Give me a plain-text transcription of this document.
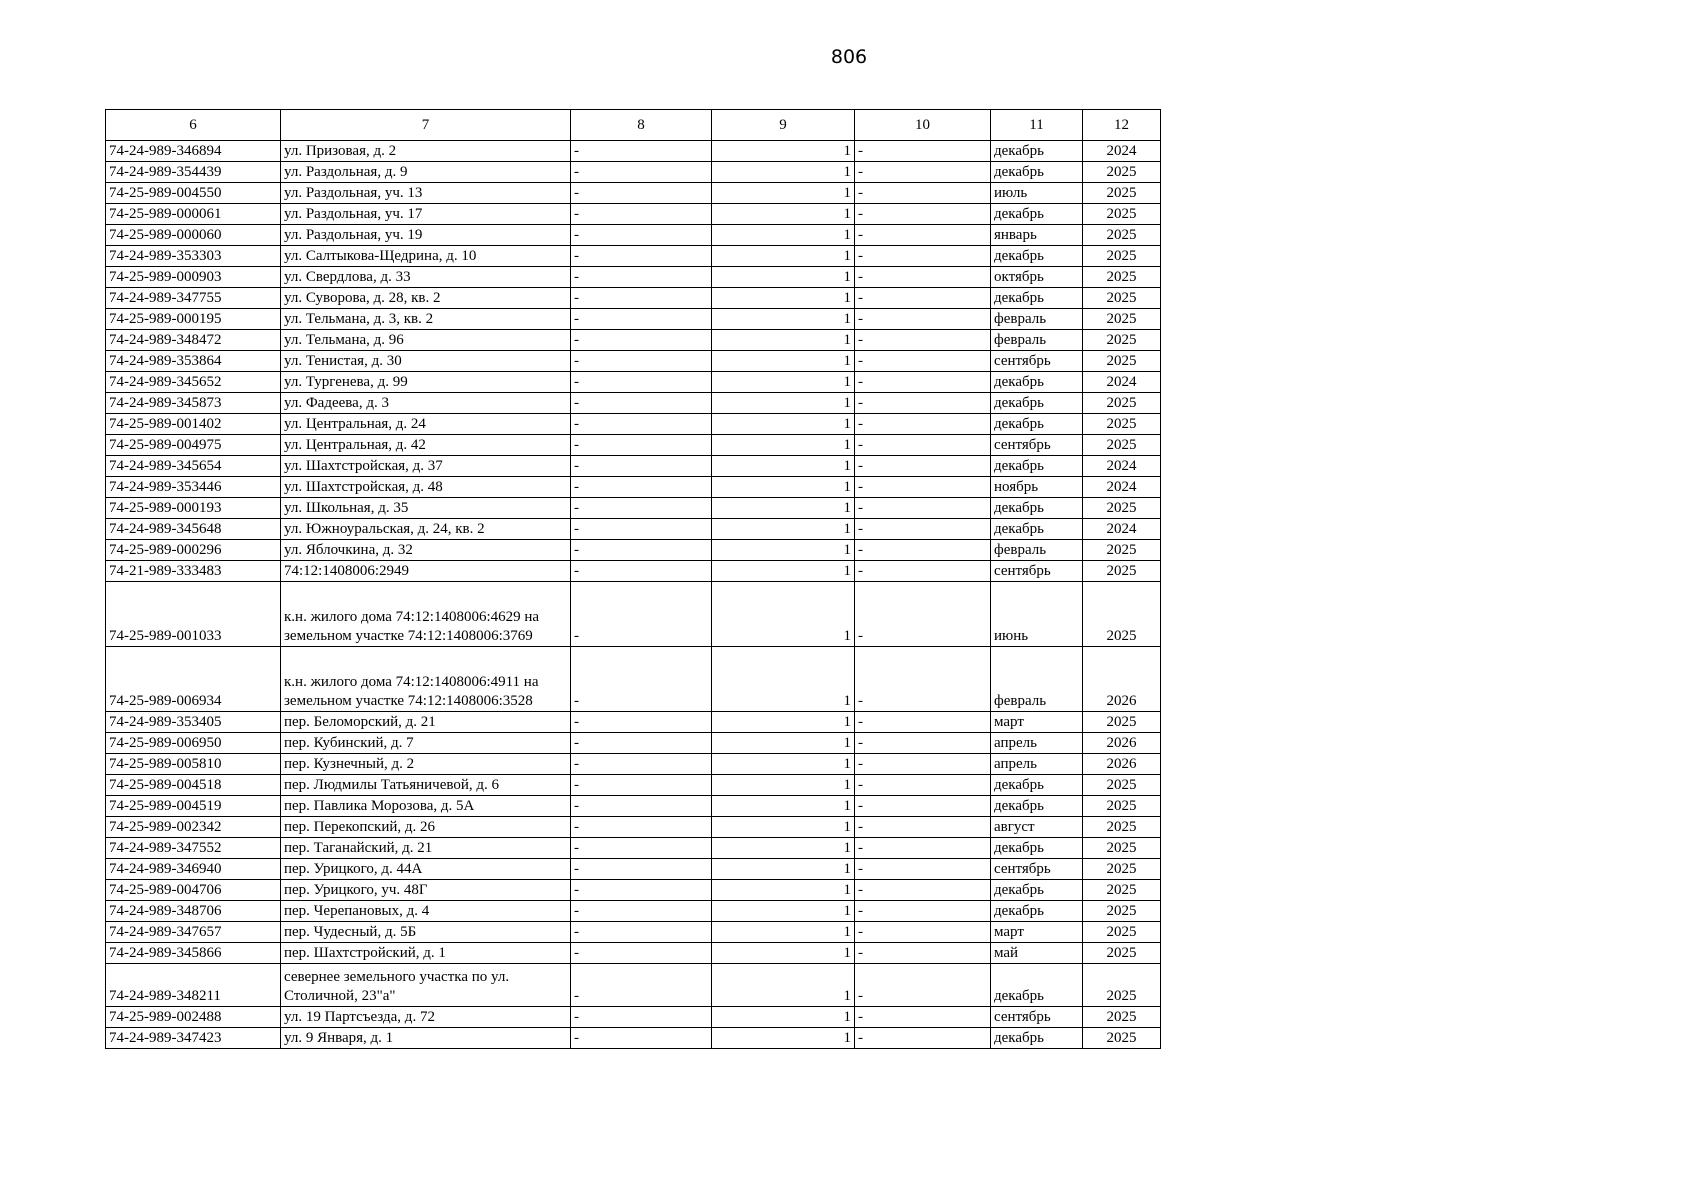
806
6	7	8	9	10	11	12
74-24-989-346894	ул. Призовая, д. 2	-	1	-	декабрь	2024
74-24-989-354439	ул. Раздольная, д. 9	-	1	-	декабрь	2025
74-25-989-004550	ул. Раздольная, уч. 13	-	1	-	июль	2025
74-25-989-000061	ул. Раздольная, уч. 17	-	1	-	декабрь	2025
74-25-989-000060	ул. Раздольная, уч. 19	-	1	-	январь	2025
74-24-989-353303	ул. Салтыкова-Щедрина, д. 10	-	1	-	декабрь	2025
74-25-989-000903	ул. Свердлова, д. 33	-	1	-	октябрь	2025
74-24-989-347755	ул. Суворова, д. 28, кв. 2	-	1	-	декабрь	2025
74-25-989-000195	ул. Тельмана, д. 3, кв. 2	-	1	-	февраль	2025
74-24-989-348472	ул. Тельмана, д. 96	-	1	-	февраль	2025
74-24-989-353864	ул. Тенистая, д. 30	-	1	-	сентябрь	2025
74-24-989-345652	ул. Тургенева, д. 99	-	1	-	декабрь	2024
74-24-989-345873	ул. Фадеева, д. 3	-	1	-	декабрь	2025
74-25-989-001402	ул. Центральная, д. 24	-	1	-	декабрь	2025
74-25-989-004975	ул. Центральная, д. 42	-	1	-	сентябрь	2025
74-24-989-345654	ул. Шахтстройская, д. 37	-	1	-	декабрь	2024
74-24-989-353446	ул. Шахтстройская, д. 48	-	1	-	ноябрь	2024
74-25-989-000193	ул. Школьная, д. 35	-	1	-	декабрь	2025
74-24-989-345648	ул. Южноуральская, д. 24, кв. 2	-	1	-	декабрь	2024
74-25-989-000296	ул. Яблочкина, д. 32	-	1	-	февраль	2025
74-21-989-333483	74:12:1408006:2949	-	1	-	сентябрь	2025
74-25-989-001033	к.н. жилого дома 74:12:1408006:4629 на земельном участке 74:12:1408006:3769	-	1	-	июнь	2025
74-25-989-006934	к.н. жилого дома 74:12:1408006:4911 на земельном участке 74:12:1408006:3528	-	1	-	февраль	2026
74-24-989-353405	пер. Беломорский, д. 21	-	1	-	март	2025
74-25-989-006950	пер. Кубинский, д. 7	-	1	-	апрель	2026
74-25-989-005810	пер. Кузнечный, д. 2	-	1	-	апрель	2026
74-25-989-004518	пер. Людмилы Татьяничевой, д. 6	-	1	-	декабрь	2025
74-25-989-004519	пер. Павлика Морозова, д. 5А	-	1	-	декабрь	2025
74-25-989-002342	пер. Перекопский, д. 26	-	1	-	август	2025
74-24-989-347552	пер. Таганайский, д. 21	-	1	-	декабрь	2025
74-24-989-346940	пер. Урицкого, д. 44А	-	1	-	сентябрь	2025
74-25-989-004706	пер. Урицкого, уч. 48Г	-	1	-	декабрь	2025
74-24-989-348706	пер. Черепановых, д. 4	-	1	-	декабрь	2025
74-24-989-347657	пер. Чудесный, д. 5Б	-	1	-	март	2025
74-24-989-345866	пер. Шахтстройский, д. 1	-	1	-	май	2025
74-24-989-348211	севернее земельного участка по ул. Столичной, 23"а"	-	1	-	декабрь	2025
74-25-989-002488	ул. 19 Партсъезда, д. 72	-	1	-	сентябрь	2025
74-24-989-347423	ул. 9 Января, д. 1	-	1	-	декабрь	2025
